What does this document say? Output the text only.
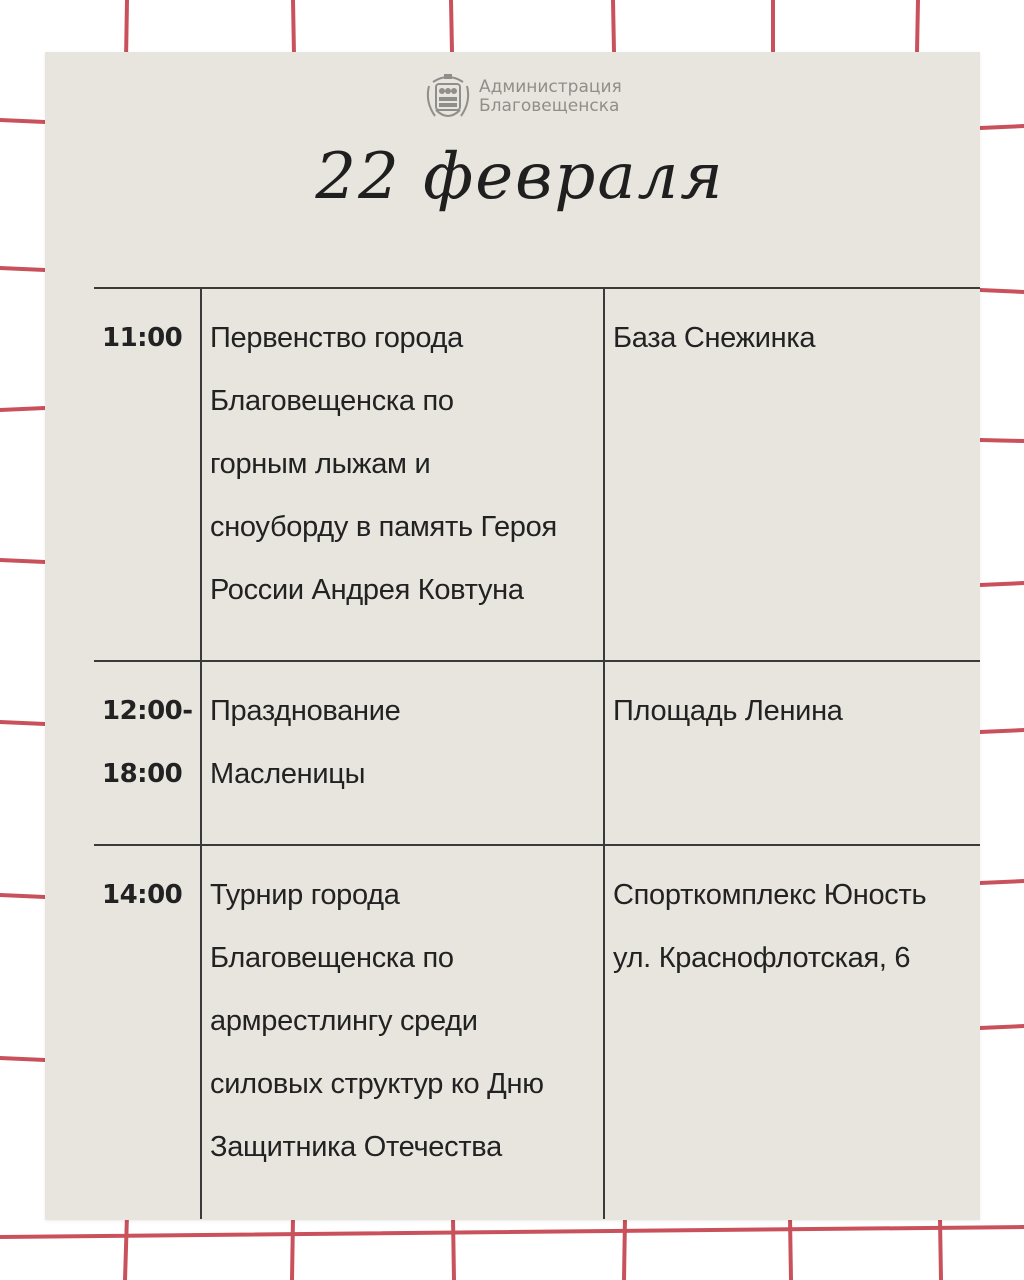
Администрация
Благовещенска
22 февраля
11:00 Первенство города
Благовещенска по
горным лыжам и
сноуборду в память Героя
России Андрея Ковтуна
База Снежинка
12:00- 18:00
Празднование
Масленицы
Площадь Ленина
14:00 Турнир города
Благовещенска по
армрестлингу среди
силовых структур ко Дню
Защитника Отечества
Спорткомплекс Юность
ул. Краснофлотская, 6
